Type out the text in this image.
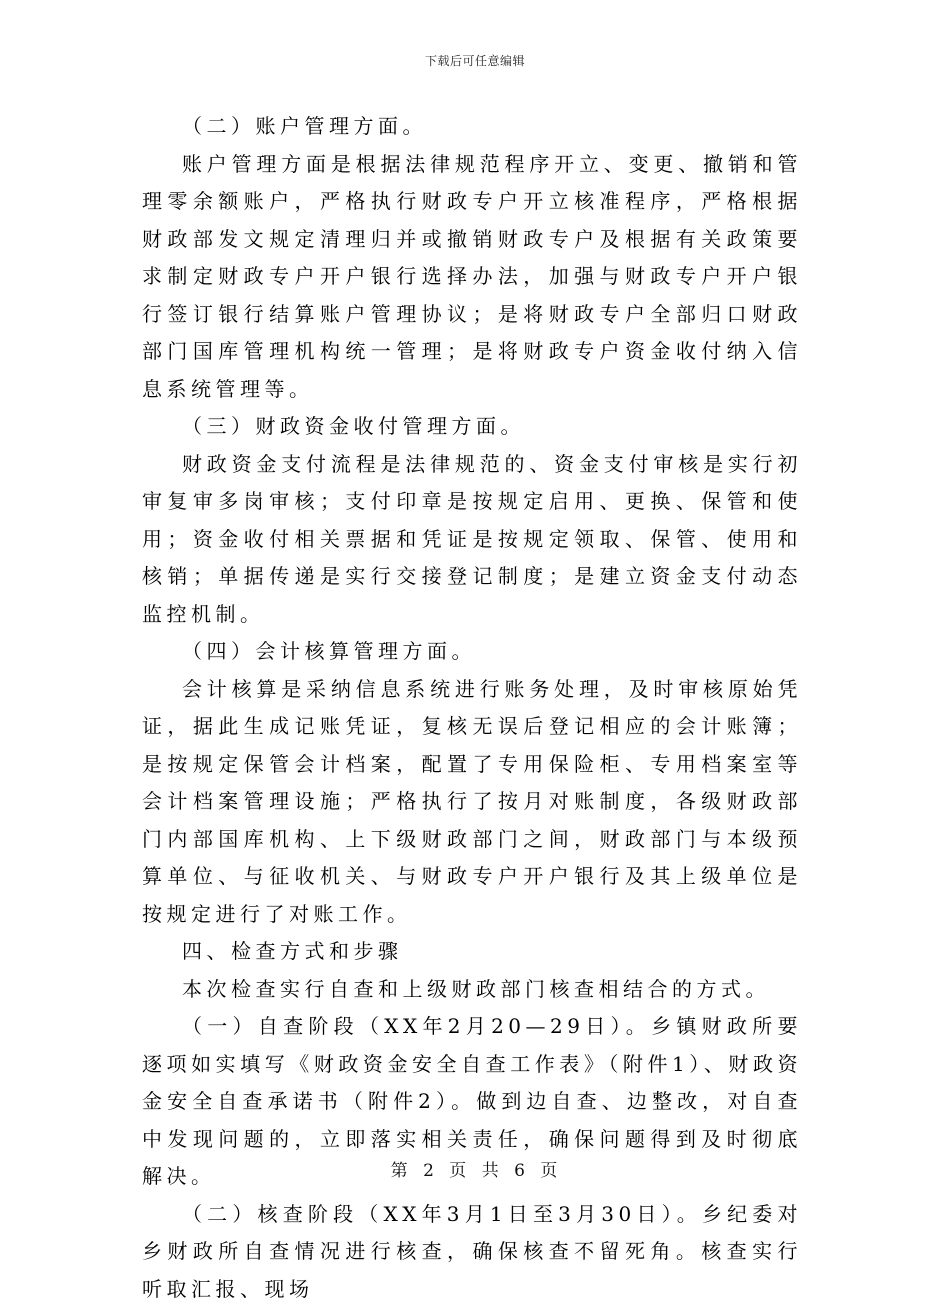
下载后可任意编辑

（二）账户管理方面。

账户管理方面是根据法律规范程序开立、变更、撤销和管理零余额账户，严格执行财政专户开立核准程序，严格根据财政部发文规定清理归并或撤销财政专户及根据有关政策要求制定财政专户开户银行选择办法，加强与财政专户开户银行签订银行结算账户管理协议；是将财政专户全部归口财政部门国库管理机构统一管理；是将财政专户资金收付纳入信息系统管理等。

（三）财政资金收付管理方面。

财政资金支付流程是法律规范的、资金支付审核是实行初审复审多岗审核；支付印章是按规定启用、更换、保管和使用；资金收付相关票据和凭证是按规定领取、保管、使用和核销；单据传递是实行交接登记制度；是建立资金支付动态监控机制。

（四）会计核算管理方面。

会计核算是采纳信息系统进行账务处理，及时审核原始凭证，据此生成记账凭证，复核无误后登记相应的会计账簿；是按规定保管会计档案，配置了专用保险柜、专用档案室等会计档案管理设施；严格执行了按月对账制度，各级财政部门内部国库机构、上下级财政部门之间，财政部门与本级预算单位、与征收机关、与财政专户开户银行及其上级单位是按规定进行了对账工作。

四、检查方式和步骤

本次检查实行自查和上级财政部门核查相结合的方式。

（一）自查阶段（XX年2月20—29日）。乡镇财政所要逐项如实填写《财政资金安全自查工作表》（附件1）、财政资金安全自查承诺书（附件2）。做到边自查、边整改，对自查中发现问题的，立即落实相关责任，确保问题得到及时彻底解决。

（二）核查阶段（XX年3月1日至3月30日）。乡纪委对乡财政所自查情况进行核查，确保核查不留死角。核查实行听取汇报、现场

第 2 页 共 6 页
